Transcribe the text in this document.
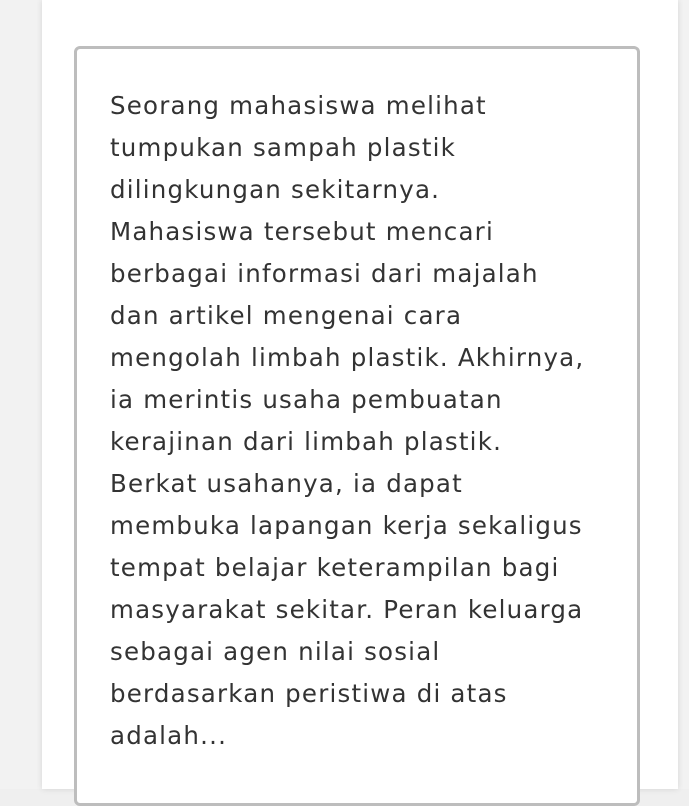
Seorang mahasiswa melihat
tumpukan sampah plastik
dilingkungan sekitarnya.
Mahasiswa tersebut mencari
berbagai informasi dari majalah
dan artikel mengenai cara
mengolah limbah plastik. Akhirnya,
ia merintis usaha pembuatan
kerajinan dari limbah plastik.
Berkat usahanya, ia dapat
membuka lapangan kerja sekaligus
tempat belajar keterampilan bagi
masyarakat sekitar. Peran keluarga
sebagai agen nilai sosial
berdasarkan peristiwa di atas
adalah...
